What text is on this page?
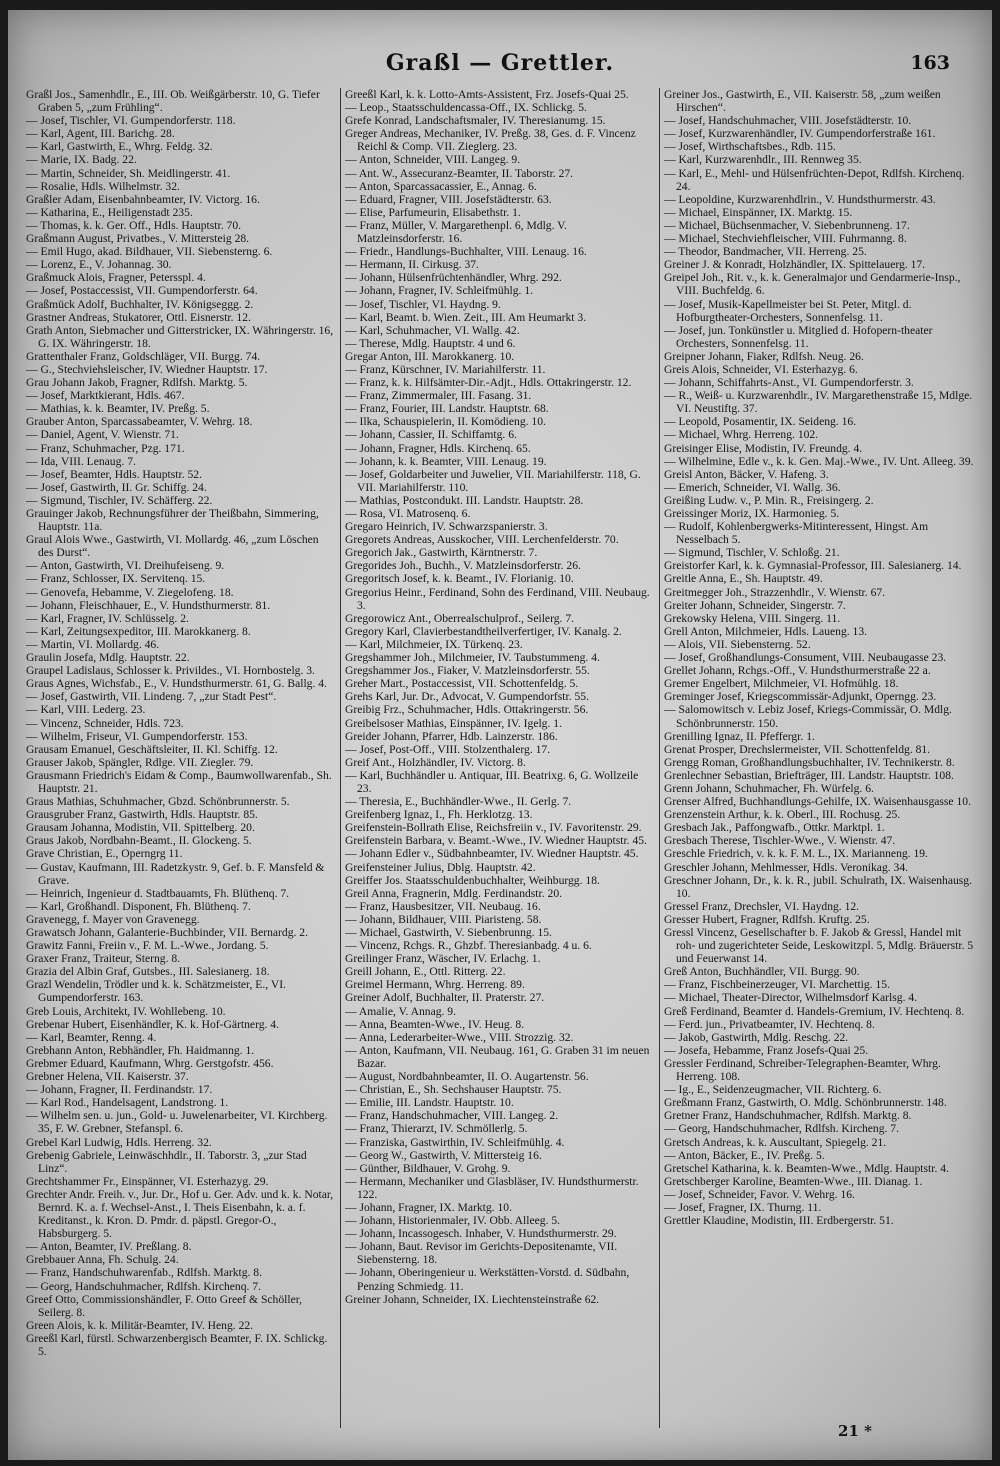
Graßl — Grettler.	163

Graßl Jos., Samenhdlr., E., III. Ob. Weißgärberstr. 10, G. Tiefer Graben 5, „zum Frühling“.

— Josef, Tischler, VI. Gumpendorferstr. 118.

— Karl, Agent, III. Barichg. 28.

— Karl, Gastwirth, E., Whrg. Feldg. 32.

— Marie, IX. Badg. 22.

— Martin, Schneider, Sh. Meidlingerstr. 41.

— Rosalie, Hdls. Wilhelmstr. 32.

Graßler Adam, Eisenbahnbeamter, IV. Victorg. 16.

— Katharina, E., Heiligenstadt 235.

— Thomas, k. k. Ger. Off., Hdls. Hauptstr. 70.

Graßmann August, Privatbes., V. Mittersteig 28.

— Emil Hugo, akad. Bildhauer, VII. Siebensterng. 6.

— Lorenz, E., V. Johannag. 30.

Graßmuck Alois, Fragner, Petersspl. 4.

— Josef, Postaccessist, VII. Gumpendorferstr. 64.

Graßmück Adolf, Buchhalter, IV. Königseggg. 2.

Grastner Andreas, Stukatorer, Ottl. Eisnerstr. 12.

Grath Anton, Siebmacher und Gitterstricker, IX. Währingerstr. 16, G. IX. Währingerstr. 18.

Grattenthaler Franz, Goldschläger, VII. Burgg. 74.

— G., Stechviehsleischer, IV. Wiedner Hauptstr. 17.

Grau Johann Jakob, Fragner, Rdlfsh. Marktg. 5.

— Josef, Marktkierant, Hdls. 467.

— Mathias, k. k. Beamter, IV. Preßg. 5.

Grauber Anton, Sparcassabeamter, V. Wehrg. 18.

— Daniel, Agent, V. Wienstr. 71.

— Franz, Schuhmacher, Pzg. 171.

— Ida, VIII. Lenaug. 7.

— Josef, Beamter, Hdls. Hauptstr. 52.

— Josef, Gastwirth, II. Gr. Schiffg. 24.

— Sigmund, Tischler, IV. Schäfferg. 22.

Grauinger Jakob, Rechnungsführer der Theißbahn, Simmering, Hauptstr. 11a.

Graul Alois Wwe., Gastwirth, VI. Mollardg. 46, „zum Löschen des Durst“.

— Anton, Gastwirth, VI. Dreihufeiseng. 9.

— Franz, Schlosser, IX. Servitenq. 15.

— Genovefa, Hebamme, V. Ziegelofeng. 18.

— Johann, Fleischhauer, E., V. Hundsthurmerstr. 81.

— Karl, Fragner, IV. Schlüsselg. 2.

— Karl, Zeitungsexpeditor, III. Marokkanerg. 8.

— Martin, VI. Mollardg. 46.

Graulin Josefa, Mdlg. Hauptstr. 22.

Graupel Ladislaus, Schlosser k. Privildes., VI. Hornbostelg. 3.

Graus Agnes, Wichsfab., E., V. Hundsthurmerstr. 61, G. Ballg. 4.

— Josef, Gastwirth, VII. Lindeng. 7, „zur Stadt Pest“.

— Karl, VIII. Lederg. 23.

— Vincenz, Schneider, Hdls. 723.

— Wilhelm, Friseur, VI. Gumpendorferstr. 153.

Grausam Emanuel, Geschäftsleiter, II. Kl. Schiffg. 12.

Grauser Jakob, Spängler, Rdlge. VII. Ziegler. 79.

Grausmann Friedrich's Eidam & Comp., Baumwollwarenfab., Sh. Hauptstr. 21.

Graus Mathias, Schuhmacher, Gbzd. Schönbrunnerstr. 5.

Grausgruber Franz, Gastwirth, Hdls. Hauptstr. 85.

Grausam Johanna, Modistin, VII. Spittelberg. 20.

Graus Jakob, Nordbahn-Beamt., II. Glockeng. 5.

Grave Christian, E., Operngrg 11.

— Gustav, Kaufmann, III. Radetzkystr. 9, Gef. b. F. Mansfeld & Grave.

— Heinrich, Ingenieur d. Stadtbauamts, Fh. Blüthenq. 7.

— Karl, Großhandl. Disponent, Fh. Blüthenq. 7.

Gravenegg, f. Mayer von Gravenegg.

Grawatsch Johann, Galanterie-Buchbinder, VII. Bernardg. 2.

Grawitz Fanni, Freiin v., F. M. L.-Wwe., Jordang. 5.

Graxer Franz, Traiteur, Sterng. 8.

Grazia del Albin Graf, Gutsbes., III. Salesianerg. 18.

Grazl Wendelin, Trödler und k. k. Schätzmeister, E., VI. Gumpendorferstr. 163.

Greb Louis, Architekt, IV. Wohllebeng. 10.

Grebenar Hubert, Eisenhändler, K. k. Hof-Gärtnerg. 4.

— Karl, Beamter, Renng. 4.

Grebhann Anton, Rebhändler, Fh. Haidmanng. 1.

Grebmer Eduard, Kaufmann, Whrg. Gerstgofstr. 456.

Grebner Helena, VII. Kaiserstr. 37.

— Johann, Fragner, II. Ferdinandstr. 17.

— Karl Rod., Handelsagent, Landstrong. 1.

— Wilhelm sen. u. jun., Gold- u. Juwelenarbeiter, VI. Kirchberg. 35, F. W. Grebner, Stefanspl. 6.

Grebel Karl Ludwig, Hdls. Herreng. 32.

Grebenig Gabriele, Leinwäschhdlr., II. Taborstr. 3, „zur Stad Linz“.

Grechtshammer Fr., Einspänner, VI. Esterhazyg. 29.

Grechter Andr. Freih. v., Jur. Dr., Hof u. Ger. Adv. und k. k. Notar, Bernrd. K. a. f. Wechsel-Anst., I. Theis Eisenbahn, k. a. f. Kreditanst., k. Kron. D. Pmdr. d. päpstl. Gregor-O., Habsburgerg. 5.

— Anton, Beamter, IV. Preßlang. 8.

Grebbauer Anna, Fh. Schulg. 24.

— Franz, Handschuhwarenfab., Rdlfsh. Marktg. 8.

— Georg, Handschuhmacher, Rdlfsh. Kirchenq. 7.

Greef Otto, Commissionshändler, F. Otto Greef & Schöller, Seilerg. 8.

Green Alois, k. k. Militär-Beamter, IV. Heng. 22.

Greeßl Karl, fürstl. Schwarzenbergisch Beamter, F. IX. Schlickg. 5.

Greeßl Karl, k. k. Lotto-Amts-Assistent, Frz. Josefs-Quai 25.

— Leop., Staatsschuldencassa-Off., IX. Schlickg. 5.

Grefe Konrad, Landschaftsmaler, IV. Theresianumg. 15.

Greger Andreas, Mechaniker, IV. Preßg. 38, Ges. d. F. Vincenz Reichl & Comp. VII. Zieglerg. 23.

— Anton, Schneider, VIII. Langeg. 9.

— Ant. W., Assecuranz-Beamter, II. Taborstr. 27.

— Anton, Sparcassacassier, E., Annag. 6.

— Eduard, Fragner, VIII. Josefstädterstr. 63.

— Elise, Parfumeurin, Elisabethstr. 1.

— Franz, Müller, V. Margarethenpl. 6, Mdlg. V. Matzleinsdorferstr. 16.

— Friedr., Handlungs-Buchhalter, VIII. Lenaug. 16.

— Hermann, II. Cirkusg. 37.

— Johann, Hülsenfrüchtenhändler, Whrg. 292.

— Johann, Fragner, IV. Schleifmühlg. 1.

— Josef, Tischler, VI. Haydng. 9.

— Karl, Beamt. b. Wien. Zeit., III. Am Heumarkt 3.

— Karl, Schuhmacher, VI. Wallg. 42.

— Therese, Mdlg. Hauptstr. 4 und 6.

Gregar Anton, III. Marokkanerg. 10.

— Franz, Kürschner, IV. Mariahilferstr. 11.

— Franz, k. k. Hilfsämter-Dir.-Adjt., Hdls. Ottakringerstr. 12.

— Franz, Zimmermaler, III. Fasang. 31.

— Franz, Fourier, III. Landstr. Hauptstr. 68.

— Ilka, Schauspielerin, II. Komödieng. 10.

— Johann, Cassier, II. Schiffamtg. 6.

— Johann, Fragner, Hdls. Kirchenq. 65.

— Johann, k. k. Beamter, VIII. Lenaug. 19.

— Josef, Goldarbeiter und Juwelier, VII. Mariahilferstr. 118, G. VII. Mariahilferstr. 110.

— Mathias, Postcondukt. III. Landstr. Hauptstr. 28.

— Rosa, VI. Matrosenq. 6.

Gregaro Heinrich, IV. Schwarzspanierstr. 3.

Gregorets Andreas, Ausskocher, VIII. Lerchenfelderstr. 70.

Gregorich Jak., Gastwirth, Kärntnerstr. 7.

Gregorides Joh., Buchh., V. Matzleinsdorferstr. 26.

Gregoritsch Josef, k. k. Beamt., IV. Florianig. 10.

Gregorius Heinr., Ferdinand, Sohn des Ferdinand, VIII. Neubaug. 3.

Gregorowicz Ant., Oberrealschulprof., Seilerg. 7.

Gregory Karl, Clavierbestandtheilverfertiger, IV. Kanalg. 2.

— Karl, Milchmeier, IX. Türkenq. 23.

Gregshammer Joh., Milchmeier, IV. Taubstummeng. 4.

Gregshammer Jos., Fiaker, V. Matzleinsdorferstr. 55.

Greher Mart., Postaccessist, VII. Schottenfeldg. 5.

Grehs Karl, Jur. Dr., Advocat, V. Gumpendorfstr. 55.

Greibig Frz., Schuhmacher, Hdls. Ottakringerstr. 56.

Greibelsoser Mathias, Einspänner, IV. Igelg. 1.

Greider Johann, Pfarrer, Hdb. Lainzerstr. 186.

— Josef, Post-Off., VIII. Stolzenthalerg. 17.

Greif Ant., Holzhändler, IV. Victorg. 8.

— Karl, Buchhändler u. Antiquar, III. Beatrixg. 6, G. Wollzeile 23.

— Theresia, E., Buchhändler-Wwe., II. Gerlg. 7.

Greifenberg Ignaz, I., Fh. Herklotzg. 13.

Greifenstein-Bollrath Elise, Reichsfreiin v., IV. Favoritenstr. 29.

Greifenstein Barbara, v. Beamt.-Wwe., IV. Wiedner Hauptstr. 45.

— Johann Edler v., Südbahnbeamter, IV. Wiedner Hauptstr. 45.

Greifensteiner Julius, Dblg. Hauptstr. 42.

Greiffer Jos. Staatsschuldenbuchhalter, Weihburgg. 18.

Greil Anna, Fragnerin, Mdlg. Ferdinandstr. 20.

— Franz, Hausbesitzer, VII. Neubaug. 16.

— Johann, Bildhauer, VIII. Piaristeng. 58.

— Michael, Gastwirth, V. Siebenbrunng. 15.

— Vincenz, Rchgs. R., Ghzbf. Theresianbadg. 4 u. 6.

Greilinger Franz, Wäscher, IV. Erlachg. 1.

Greill Johann, E., Ottl. Ritterg. 22.

Greimel Hermann, Whrg. Herreng. 89.

Greiner Adolf, Buchhalter, II. Praterstr. 27.

— Amalie, V. Annag. 9.

— Anna, Beamten-Wwe., IV. Heug. 8.

— Anna, Lederarbeiter-Wwe., VIII. Strozzig. 32.

— Anton, Kaufmann, VII. Neubaug. 161, G. Graben 31 im neuen Bazar.

— August, Nordbahnbeamter, II. O. Augartenstr. 56.

— Christian, E., Sh. Sechshauser Hauptstr. 75.

— Emilie, III. Landstr. Hauptstr. 10.

— Franz, Handschuhmacher, VIII. Langeg. 2.

— Franz, Thierarzt, IV. Schmöllerlg. 5.

— Franziska, Gastwirthin, IV. Schleifmühlg. 4.

— Georg W., Gastwirth, V. Mittersteig 16.

— Günther, Bildhauer, V. Grohg. 9.

— Hermann, Mechaniker und Glasbläser, IV. Hundsthurmerstr. 122.

— Johann, Fragner, IX. Marktg. 10.

— Johann, Historienmaler, IV. Obb. Alleeg. 5.

— Johann, Incassogesch. Inhaber, V. Hundsthurmerstr. 29.

— Johann, Baut. Revisor im Gerichts-Depositenamte, VII. Siebensterng. 18.

— Johann, Oberingenieur u. Werkstätten-Vorstd. d. Südbahn, Penzing Schmiedg. 11.

Greiner Johann, Schneider, IX. Liechtensteinstraße 62.

Greiner Jos., Gastwirth, E., VII. Kaiserstr. 58, „zum weißen Hirschen“.

— Josef, Handschuhmacher, VIII. Josefstädterstr. 10.

— Josef, Kurzwarenhändler, IV. Gumpendorferstraße 161.

— Josef, Wirthschaftsbes., Rdb. 115.

— Karl, Kurzwarenhdlr., III. Rennweg 35.

— Karl, E., Mehl- und Hülsenfrüchten-Depot, Rdlfsh. Kirchenq. 24.

— Leopoldine, Kurzwarenhdlrin., V. Hundsthurmerstr. 43.

— Michael, Einspänner, IX. Marktg. 15.

— Michael, Büchsenmacher, V. Siebenbrunneng. 17.

— Michael, Stechviehfleischer, VIII. Fuhrmanng. 8.

— Theodor, Bandmacher, VII. Herreng. 25.

Greiner J. & Konradt, Holzhändler, IX. Spittelauerg. 17.

Greipel Joh., Rit. v., k. k. Generalmajor und Gendarmerie-Insp., VIII. Buchfeldg. 6.

— Josef, Musik-Kapellmeister bei St. Peter, Mitgl. d. Hofburgtheater-Orchesters, Sonnenfelsg. 11.

— Josef, jun. Tonkünstler u. Mitglied d. Hofopern-theater Orchesters, Sonnenfelsg. 11.

Greipner Johann, Fiaker, Rdlfsh. Neug. 26.

Greis Alois, Schneider, VI. Esterhazyg. 6.

— Johann, Schiffahrts-Anst., VI. Gumpendorferstr. 3.

— R., Weiß- u. Kurzwarenhdlr., IV. Margarethenstraße 15, Mdlge. VI. Neustiftg. 37.

— Leopold, Posamentir, IX. Seideng. 16.

— Michael, Whrg. Herreng. 102.

Greisinger Elise, Modistin, IV. Freundg. 4.

— Wilhelmine, Edle v., k. k. Gen. Maj.-Wwe., IV. Unt. Alleeg. 39.

Greisl Anton, Bäcker, V. Hafeng. 3.

— Emerich, Schneider, VI. Wallg. 36.

Greißing Ludw. v., P. Min. R., Freisingerg. 2.

Greissinger Moriz, IX. Harmonieg. 5.

— Rudolf, Kohlenbergwerks-Mitinteressent, Hingst. Am Nesselbach 5.

— Sigmund, Tischler, V. Schloßg. 21.

Greistorfer Karl, k. k. Gymnasial-Professor, III. Salesianerg. 14.

Greitle Anna, E., Sh. Hauptstr. 49.

Greitmegger Joh., Strazzenhdlr., V. Wienstr. 67.

Greiter Johann, Schneider, Singerstr. 7.

Grekowsky Helena, VIII. Singerg. 11.

Grell Anton, Milchmeier, Hdls. Laueng. 13.

— Alois, VII. Siebensterng. 52.

— Josef, Großhandlungs-Consument, VIII. Neubaugasse 23.

Grellet Johann, Rchgs.-Off., V. Hundsthurmerstraße 22 a.

Gremer Engelbert, Milchmeier, VI. Hofmühlg. 18.

Greminger Josef, Kriegscommissär-Adjunkt, Operngg. 23.

— Salomowitsch v. Lebiz Josef, Kriegs-Commissär, O. Mdlg. Schönbrunnerstr. 150.

Grenilling Ignaz, II. Pfeffergr. 1.

Grenat Prosper, Drechslermeister, VII. Schottenfeldg. 81.

Grengg Roman, Großhandlungsbuchhalter, IV. Technikerstr. 8.

Grenlechner Sebastian, Briefträger, III. Landstr. Hauptstr. 108.

Grenn Johann, Schuhmacher, Fh. Würfelg. 6.

Grenser Alfred, Buchhandlungs-Gehilfe, IX. Waisenhausgasse 10.

Grenzenstein Arthur, k. k. Oberl., III. Rochusg. 25.

Gresbach Jak., Paffongwafb., Ottkr. Marktpl. 1.

Gresbach Therese, Tischler-Wwe., V. Wienstr. 47.

Greschle Friedrich, v. k. k. F. M. L., IX. Marianneng. 19.

Greschler Johann, Mehlmesser, Hdls. Veronikag. 34.

Greschner Johann, Dr., k. k. R., jubil. Schulrath, IX. Waisenhausg. 10.

Gressel Franz, Drechsler, VI. Haydng. 12.

Gresser Hubert, Fragner, Rdlfsh. Kruftg. 25.

Gressl Vincenz, Gesellschafter b. F. Jakob & Gressl, Handel mit roh- und zugerichteter Seide, Leskowitzpl. 5, Mdlg. Bräuerstr. 5 und Feuerwanst 14.

Greß Anton, Buchhändler, VII. Burgg. 90.

— Franz, Fischbeinerzeuger, VI. Marchettig. 15.

— Michael, Theater-Director, Wilhelmsdorf Karlsg. 4.

Greß Ferdinand, Beamter d. Handels-Gremium, IV. Hechtenq. 8.

— Ferd. jun., Privatbeamter, IV. Hechtenq. 8.

— Jakob, Gastwirth, Mdlg. Reschg. 22.

— Josefa, Hebamme, Franz Josefs-Quai 25.

Gressler Ferdinand, Schreiber-Telegraphen-Beamter, Whrg. Herreng. 108.

— Ig., E., Seidenzeugmacher, VII. Richterg. 6.

Greßmann Franz, Gastwirth, O. Mdlg. Schönbrunnerstr. 148.

Gretner Franz, Handschuhmacher, Rdlfsh. Marktg. 8.

— Georg, Handschuhmacher, Rdlfsh. Kircheng. 7.

Gretsch Andreas, k. k. Auscultant, Spiegelg. 21.

— Anton, Bäcker, E., IV. Preßg. 5.

Gretschel Katharina, k. k. Beamten-Wwe., Mdlg. Hauptstr. 4.

Gretschberger Karoline, Beamten-Wwe., III. Dianag. 1.

— Josef, Schneider, Favor. V. Wehrg. 16.

— Josef, Fragner, IX. Thurng. 11.

Grettler Klaudine, Modistin, III. Erdbergerstr. 51.

21 *
